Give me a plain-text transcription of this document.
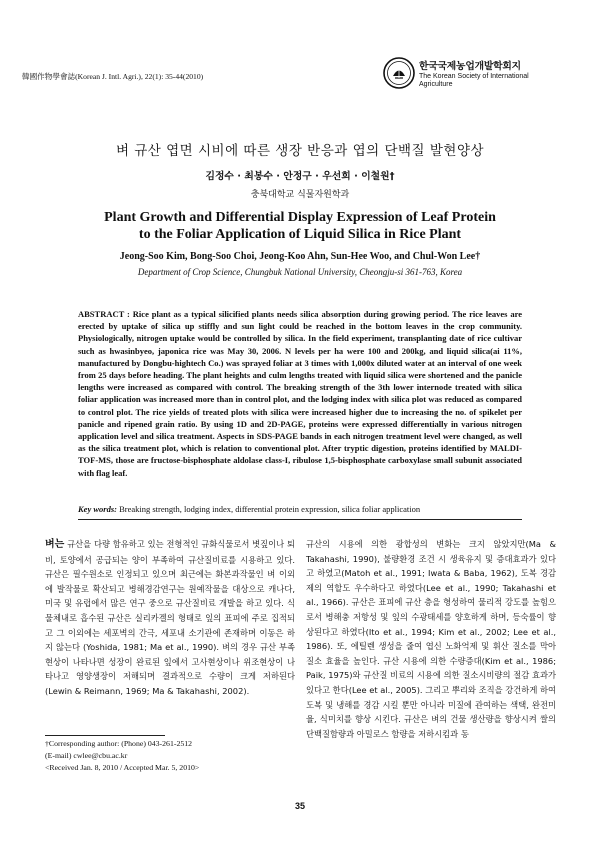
韓國作物學會誌(Korean J. Intl. Agri.), 22(1): 35-44(2010)
한국국제농업개발학회지
The Korean Society of International
Agriculture
벼 규산 엽면 시비에 따른 생장 반응과 엽의 단백질 발현양상
김정수 · 최봉수 · 안정구 · 우선희 · 이철원†
충북대학교 식물자원학과
Plant Growth and Differential Display Expression of Leaf Protein
to the Foliar Application of Liquid Silica in Rice Plant
Jeong-Soo Kim, Bong-Soo Choi, Jeong-Koo Ahn, Sun-Hee Woo, and Chul-Won Lee†
Department of Crop Science, Chungbuk National University, Cheongju-si 361-763, Korea
ABSTRACT : Rice plant as a typical silicified plants needs silica absorption during growing period. The rice leaves are erected by uptake of silica up stiffly and sun light could be reached in the bottom leaves in the crop community. Physiologically, nitrogen uptake would be controlled by silica. In the field experiment, transplanting date of rice cultivar such as hwasinbyeo, japonica rice was May 30, 2006. N levels per ha were 100 and 200kg, and liquid silica(ai 11%, manufactured by Dongbu-hightech Co.) was sprayed foliar at 3 times with 1,000x diluted water at an interval of one week from 25 days before heading. The plant heights and culm lengths treated with liquid silica were shortened and the panicle lengths were increased as compared with control. The breaking strength of the 3th lower internode treated with silica foliar application was increased more than in control plot, and the lodging index with silica plot was reduced as compared to control plot. The rice yields of treated plots with silica were increased higher due to increasing the no. of spikelet per panicle and ripened grain ratio. By using 1D and 2D-PAGE, proteins were expressed differentially in various nitrogen application level and silica treatment. Aspects in SDS-PAGE bands in each nitrogen treatment level were changed, as well as the silica treatment plot, which is relation to conventional plot. After tryptic digestion, proteins identified by MALDI-TOF-MS, those are fructose-bisphosphate aldolase class-I, ribulose 1,5-bisphosphate carboxylase small subunit associated with flag leaf.
Key words: Breaking strength, lodging index, differential protein expression, silica foliar application
벼는 규산을 다량 함유하고 있는 전형적인 규화식물로서 볏짚이나 퇴비, 토양에서 공급되는 양이 부족하여 규산질비료를 시용하고 있다. 규산은 필수원소로 인정되고 있으며 최근에는 화본과작물인 벼 이외에 발작물로 확산되고 병해경감연구는 원예작물을 대상으로 캐나다, 미국 및 유럽에서 많은 연구 중으로 규산질비료 개발을 하고 있다. 식물체내로 흡수된 규산은 실리카겔의 형태로 잎의 표피에 주로 집적되고 그 이외에는 세포벽의 간극, 세포내 소기관에 존재하며 이동은 하지 않는다 (Yoshida, 1981; Ma et al., 1990). 벼의 경우 규산 부족현상이 나타나면 성장이 완료된 잎에서 고사현상이나 위조현상이 나타나고 영양생장이 저해되며 결과적으로 수량이 크게 저하된다(Lewin & Reimann, 1969; Ma & Takahashi, 2002).
규산의 시용에 의한 광합성의 변화는 크지 않았지만(Ma & Takahashi, 1990), 불량환경 조건 시 생육유지 및 증대효과가 있다고 하였고(Matoh et al., 1991; Iwata & Baba, 1962), 도복 경감제의 역할도 우수하다고 하였다(Lee et al., 1990; Takahashi et al., 1966). 규산은 표피에 규산 층을 형성하여 물리적 강도를 높힘으로서 병해충 저항성 및 잎의 수광태세를 양호하게 하며, 등숙률이 향상된다고 하였다(Ito et al., 1994; Kim et al., 2002; Lee et al., 1986). 또, 에틸렌 생성을 줄여 엽신 노화억제 및 휘산 질소를 막아 질소 효율을 높인다. 규산 시용에 의한 수량증대(Kim et al., 1986; Paik, 1975)와 규산질 비료의 시용에 의한 질소시비량의 절감 효과가 있다고 한다(Lee et al., 2005). 그리고 뿌리와 조직을 강건하게 하여 도복 및 냉해를 경감 시킬 뿐만 아니라 미질에 관여하는 색택, 완전미율, 식미치를 향상 시킨다. 규산은 벼의 건물 생산량을 향상시켜 쌀의 단백질함량과 아밀로스 함량을 저하시킴과 동
†Corresponding author: (Phone) 043-261-2512
(E-mail) cwlee@cbu.ac.kr
<Received Jan. 8, 2010 / Accepted Mar. 5, 2010>
35
